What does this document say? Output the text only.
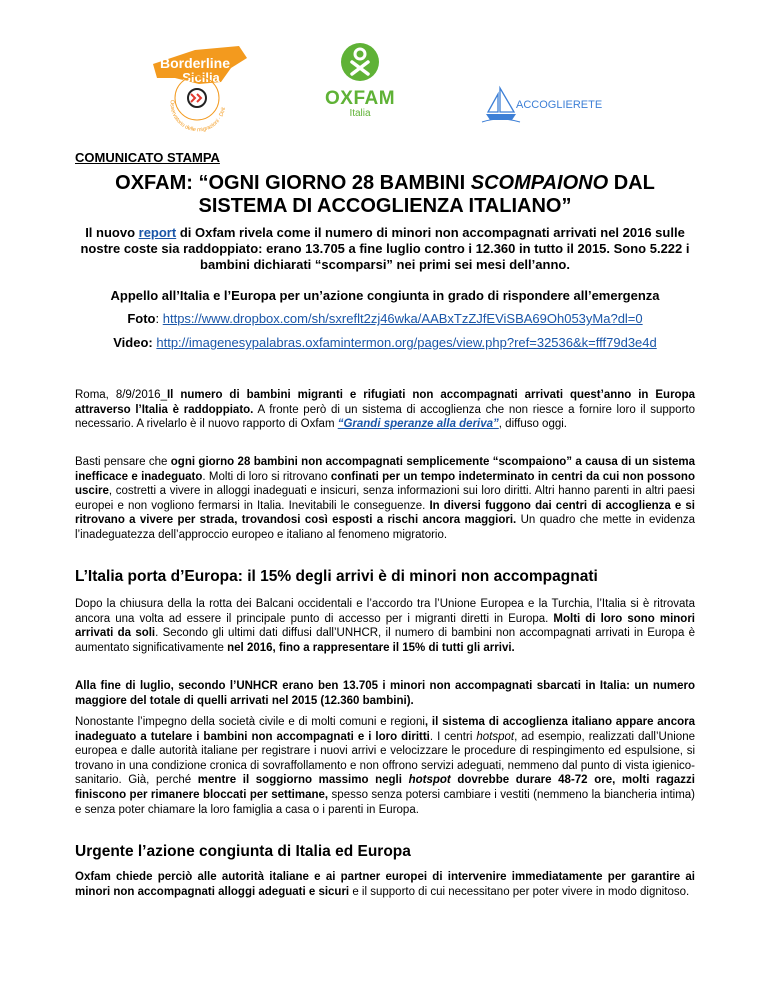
Borderline
Sicilia
Osservatorio delle migrazioni · Dirit	OXFAM
Italia
ACCOGLIERETE
COMUNICATO STAMPA
OXFAM: “OGNI GIORNO 28 BAMBINI SCOMPAIONO DAL SISTEMA DI ACCOGLIENZA ITALIANO”
Il nuovo report di Oxfam rivela come il numero di minori non accompagnati arrivati nel 2016 sulle nostre coste sia raddoppiato: erano 13.705 a fine luglio contro i 12.360 in tutto il 2015. Sono 5.222 i bambini dichiarati “scomparsi” nei primi sei mesi dell’anno.
Appello all’Italia e l’Europa per un’azione congiunta in grado di rispondere all’emergenza
Foto: https://www.dropbox.com/sh/sxreflt2zj46wka/AABxTzZJfEViSBA69Oh053yMa?dl=0
Video: http://imagenesypalabras.oxfamintermon.org/pages/view.php?ref=32536&k=fff79d3e4d
Roma, 8/9/2016_Il numero di bambini migranti e rifugiati non accompagnati arrivati quest’anno in Europa attraverso l’Italia è raddoppiato. A fronte però di un sistema di accoglienza che non riesce a fornire loro il supporto necessario. A rivelarlo è il nuovo rapporto di Oxfam “Grandi speranze alla deriva”, diffuso oggi.
Basti pensare che ogni giorno 28 bambini non accompagnati semplicemente “scompaiono” a causa di un sistema inefficace e inadeguato. Molti di loro si ritrovano confinati per un tempo indeterminato in centri da cui non possono uscire, costretti a vivere in alloggi inadeguati e insicuri, senza informazioni sui loro diritti. Altri hanno parenti in altri paesi europei e non vogliono fermarsi in Italia. Inevitabili le conseguenze. In diversi fuggono dai centri di accoglienza e si ritrovano a vivere per strada, trovandosi così esposti a rischi ancora maggiori. Un quadro che mette in evidenza l’inadeguatezza dell’approccio europeo e italiano al fenomeno migratorio.
L’Italia porta d’Europa: il 15% degli arrivi è di minori non accompagnati
Dopo la chiusura della la rotta dei Balcani occidentali e l’accordo tra l’Unione Europea e la Turchia, l’Italia si è ritrovata ancora una volta ad essere il principale punto di accesso per i migranti diretti in Europa. Molti di loro sono minori arrivati da soli. Secondo gli ultimi dati diffusi dall’UNHCR, il numero di bambini non accompagnati arrivati in Europa è aumentato significativamente nel 2016, fino a rappresentare il 15% di tutti gli arrivi.
Alla fine di luglio, secondo l’UNHCR erano ben 13.705 i minori non accompagnati sbarcati in Italia: un numero maggiore del totale di quelli arrivati nel 2015 (12.360 bambini).
Nonostante l’impegno della società civile e di molti comuni e regioni, il sistema di accoglienza italiano appare ancora inadeguato a tutelare i bambini non accompagnati e i loro diritti. I centri hotspot, ad esempio, realizzati dall’Unione europea e dalle autorità italiane per registrare i nuovi arrivi e velocizzare le procedure di respingimento ed espulsione, si trovano in una condizione cronica di sovraffollamento e non offrono servizi adeguati, nemmeno dal punto di vista igienico-sanitario. Già, perché mentre il soggiorno massimo negli hotspot dovrebbe durare 48-72 ore, molti ragazzi finiscono per rimanere bloccati per settimane, spesso senza potersi cambiare i vestiti (nemmeno la biancheria intima) e senza poter chiamare la loro famiglia a casa o i parenti in Europa.
Urgente l’azione congiunta di Italia ed Europa
Oxfam chiede perciò alle autorità italiane e ai partner europei di intervenire immediatamente per garantire ai minori non accompagnati alloggi adeguati e sicuri e il supporto di cui necessitano per poter vivere in modo dignitoso.
